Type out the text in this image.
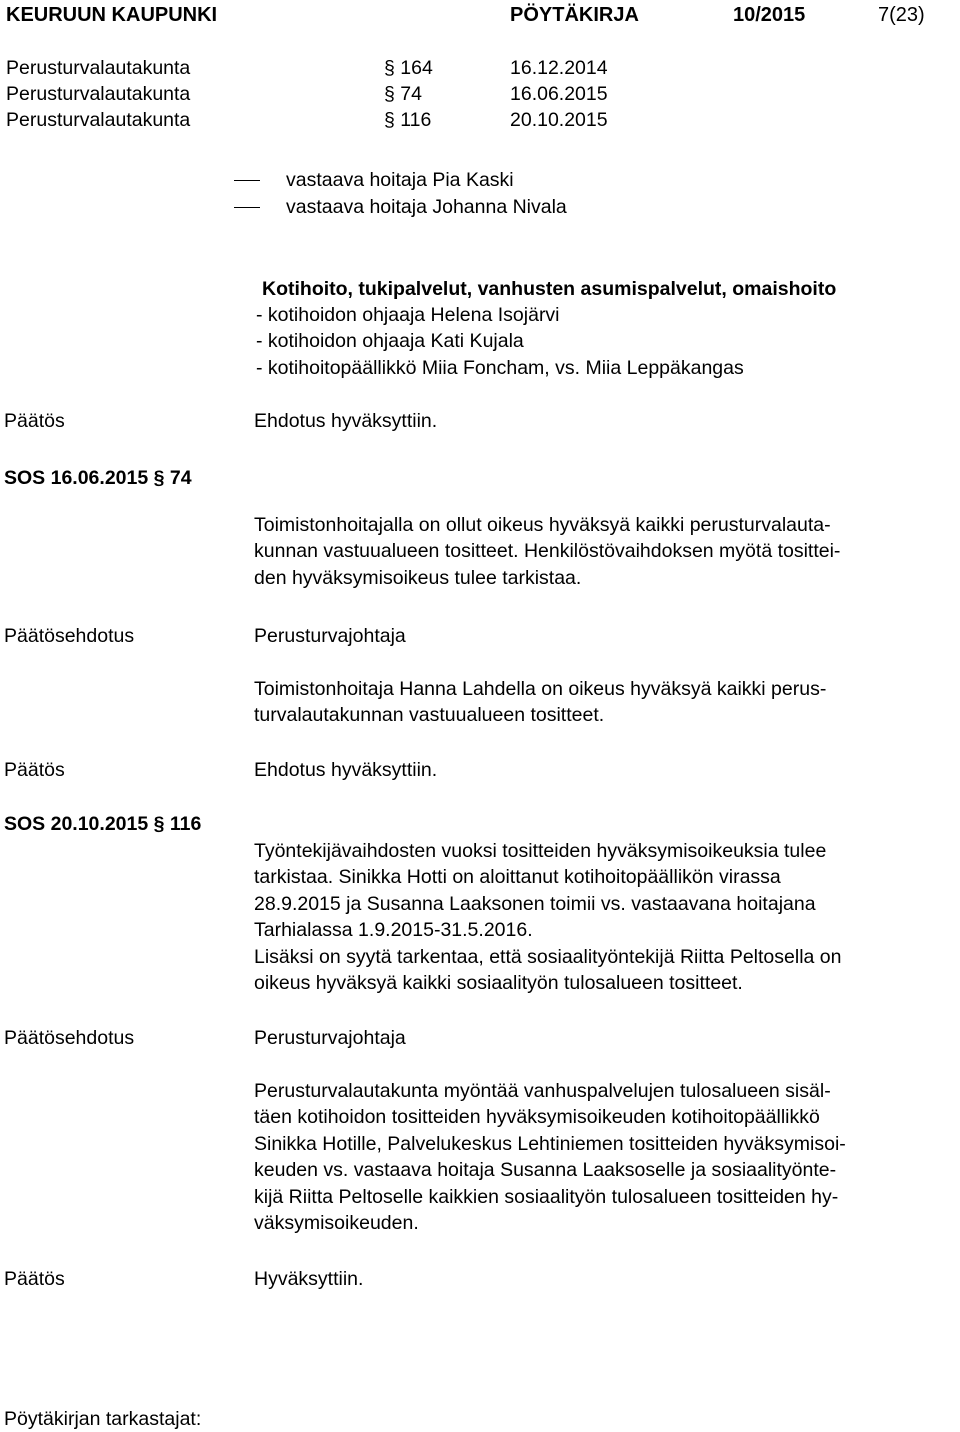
KEURUUN KAUPUNKI	PÖYTÄKIRJA	10/2015	7(23)
Perusturvalautakunta	§ 164	16.12.2014
Perusturvalautakunta	§ 74	16.06.2015
Perusturvalautakunta	§ 116	20.10.2015
vastaava hoitaja Pia Kaski
vastaava hoitaja Johanna Nivala
Kotihoito, tukipalvelut, vanhusten asumispalvelut, omaishoito
- kotihoidon ohjaaja Helena Isojärvi
- kotihoidon ohjaaja Kati Kujala
- kotihoitopäällikkö Miia Foncham, vs. Miia Leppäkangas
Päätös	Ehdotus hyväksyttiin.
SOS 16.06.2015 § 74
Toimistonhoitajalla on ollut oikeus hyväksyä kaikki perusturvalauta-
kunnan vastuualueen tositteet. Henkilöstövaihdoksen myötä tosittei-
den hyväksymisoikeus tulee tarkistaa.
Päätösehdotus	Perusturvajohtaja
Toimistonhoitaja Hanna Lahdella on oikeus hyväksyä kaikki perus-
turvalautakunnan vastuualueen tositteet.
Päätös	Ehdotus hyväksyttiin.
SOS 20.10.2015 § 116
Työntekijävaihdosten vuoksi tositteiden hyväksymisoikeuksia tulee
tarkistaa. Sinikka Hotti on aloittanut kotihoitopäällikön virassa
28.9.2015 ja Susanna Laaksonen toimii vs. vastaavana hoitajana
Tarhialassa 1.9.2015-31.5.2016.
Lisäksi on syytä tarkentaa, että sosiaalityöntekijä Riitta Peltosella on
oikeus hyväksyä kaikki sosiaalityön tulosalueen tositteet.
Päätösehdotus	Perusturvajohtaja
Perusturvalautakunta myöntää vanhuspalvelujen tulosalueen sisäl-
täen kotihoidon tositteiden hyväksymisoikeuden kotihoitopäällikkö
Sinikka Hotille, Palvelukeskus Lehtiniemen tositteiden hyväksymisoi-
keuden vs. vastaava hoitaja Susanna Laaksoselle ja sosiaalityönte-
kijä Riitta Peltoselle kaikkien sosiaalityön tulosalueen tositteiden hy-
väksymisoikeuden.
Päätös	Hyväksyttiin.
Pöytäkirjan tarkastajat:
